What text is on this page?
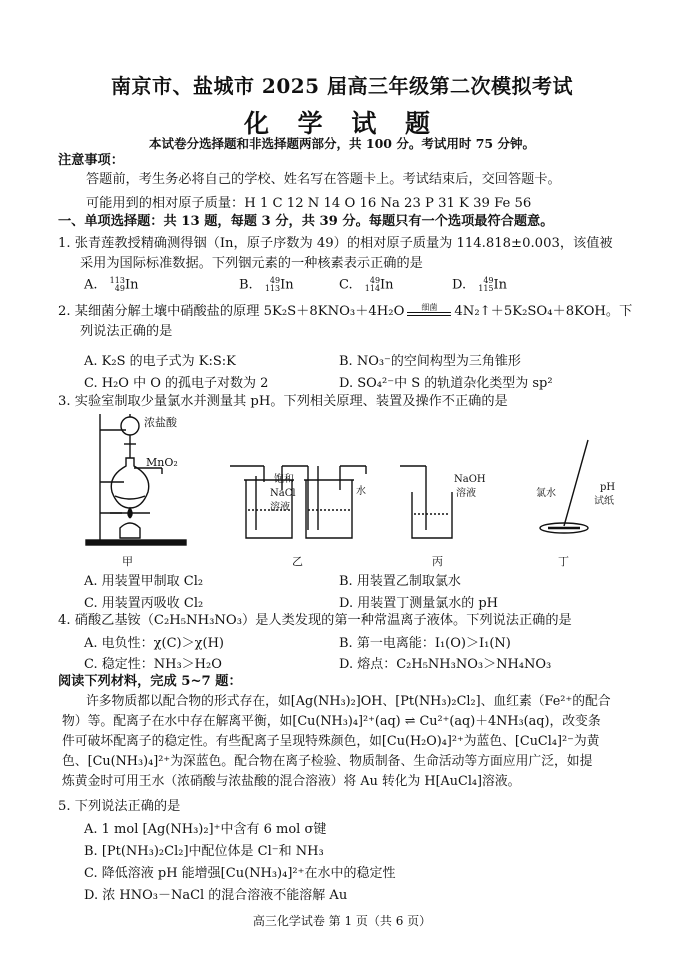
南京市、盐城市 2025 届高三年级第二次模拟考试
化 学 试 题
本试卷分选择题和非选择题两部分，共 100 分。考试用时 75 分钟。
注意事项：
答题前，考生务必将自己的学校、姓名写在答题卡上。考试结束后，交回答题卡。
可能用到的相对原子质量：H 1 C 12 N 14 O 16 Na 23 P 31 K 39 Fe 56
一、单项选择题：共 13 题，每题 3 分，共 39 分。每题只有一个选项最符合题意。
1. 张青莲教授精确测得铟（In，原子序数为 49）的相对原子质量为 114.818±0.003，该值被
采用为国际标准数据。下列铟元素的一种核素表示正确的是
A. 113
49 In	B.	49
113 In	C.	49
114 In	D.	49
115 In
2. 某细菌分解土壤中硝酸盐的原理 5K₂S＋8KNO₃＋4H₂O	细菌	4N₂↑＋5K₂SO₄＋8KOH。下
列说法正确的是
A. K₂S 的电子式为 K:S:K	B. NO₃⁻的空间构型为三角锥形
C. H₂O 中 O 的孤电子对数为 2	D. SO₄²⁻中 S 的轨道杂化类型为 sp²
3. 实验室制取少量氯水并测量其 pH。下列相关原理、装置及操作不正确的是
浓盐酸
MnO₂
甲
饱和
NaCl
溶液
水
乙
NaOH
溶液
丙
氯水
pH
试纸
丁
A. 用装置甲制取 Cl₂	B. 用装置乙制取氯水
C. 用装置丙吸收 Cl₂	D. 用装置丁测量氯水的 pH
4. 硝酸乙基铵（C₂H₅NH₃NO₃）是人类发现的第一种常温离子液体。下列说法正确的是
A. 电负性：χ(C)＞χ(H)	B. 第一电离能：I₁(O)＞I₁(N)
C. 稳定性：NH₃＞H₂O	D. 熔点：C₂H₅NH₃NO₃＞NH₄NO₃
阅读下列材料，完成 5~7 题：
许多物质都以配合物的形式存在，如[Ag(NH₃)₂]OH、[Pt(NH₃)₂Cl₂]、血红素（Fe²⁺的配合
物）等。配离子在水中存在解离平衡，如[Cu(NH₃)₄]²⁺(aq) ⇌ Cu²⁺(aq)＋4NH₃(aq)，改变条
件可破坏配离子的稳定性。有些配离子呈现特殊颜色，如[Cu(H₂O)₄]²⁺为蓝色、[CuCl₄]²⁻为黄
色、[Cu(NH₃)₄]²⁺为深蓝色。配合物在离子检验、物质制备、生命活动等方面应用广泛，如提
炼黄金时可用王水（浓硝酸与浓盐酸的混合溶液）将 Au 转化为 H[AuCl₄]溶液。
5. 下列说法正确的是
A. 1 mol [Ag(NH₃)₂]⁺中含有 6 mol σ键
B. [Pt(NH₃)₂Cl₂]中配位体是 Cl⁻和 NH₃
C. 降低溶液 pH 能增强[Cu(NH₃)₄]²⁺在水中的稳定性
D. 浓 HNO₃－NaCl 的混合溶液不能溶解 Au
高三化学试卷 第 1 页（共 6 页）
